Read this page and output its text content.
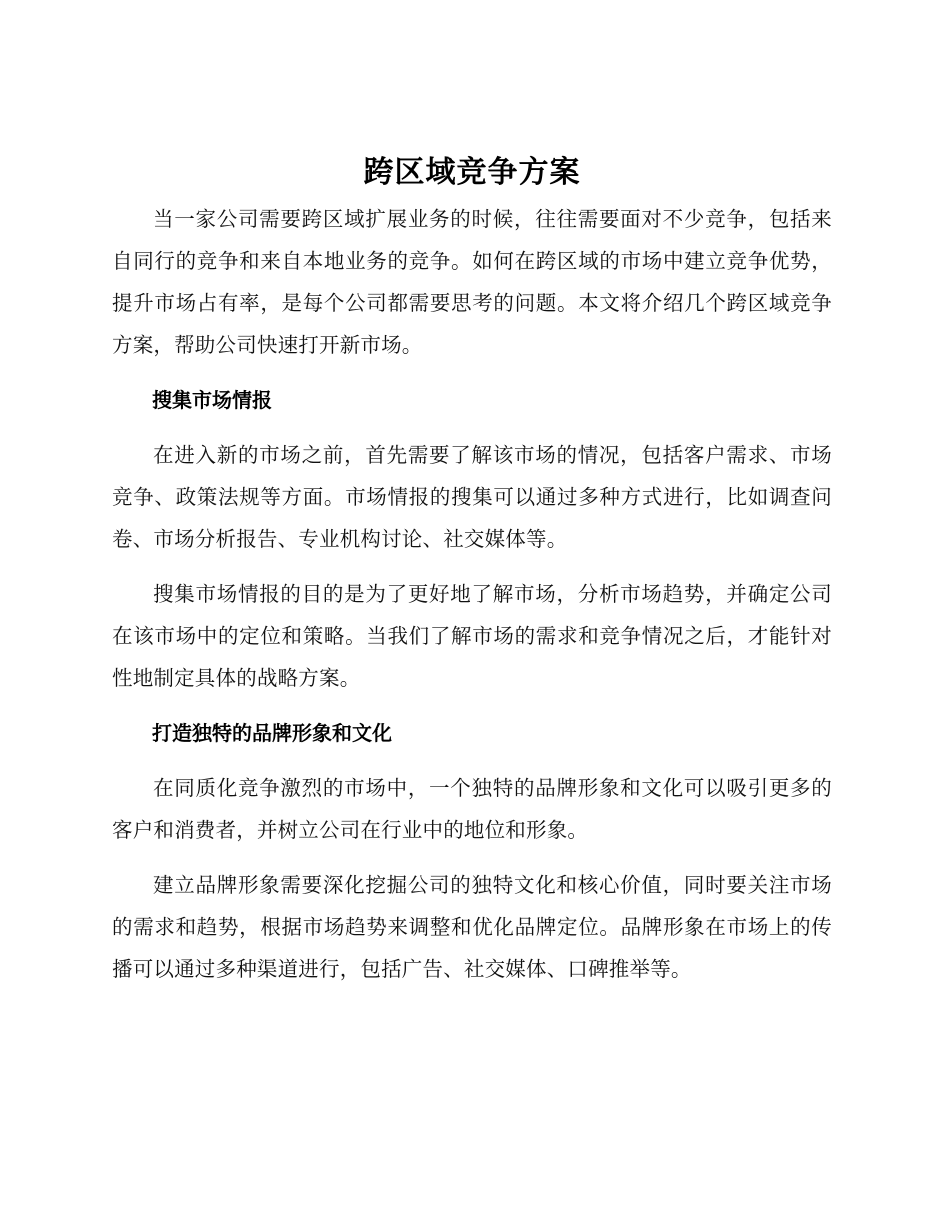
跨区域竞争方案

当一家公司需要跨区域扩展业务的时候，往往需要面对不少竞争，包括来自同行的竞争和来自本地业务的竞争。如何在跨区域的市场中建立竞争优势，提升市场占有率，是每个公司都需要思考的问题。本文将介绍几个跨区域竞争方案，帮助公司快速打开新市场。

搜集市场情报

在进入新的市场之前，首先需要了解该市场的情况，包括客户需求、市场竞争、政策法规等方面。市场情报的搜集可以通过多种方式进行，比如调查问卷、市场分析报告、专业机构讨论、社交媒体等。

搜集市场情报的目的是为了更好地了解市场，分析市场趋势，并确定公司在该市场中的定位和策略。当我们了解市场的需求和竞争情况之后，才能针对性地制定具体的战略方案。

打造独特的品牌形象和文化

在同质化竞争激烈的市场中，一个独特的品牌形象和文化可以吸引更多的客户和消费者，并树立公司在行业中的地位和形象。

建立品牌形象需要深化挖掘公司的独特文化和核心价值，同时要关注市场的需求和趋势，根据市场趋势来调整和优化品牌定位。品牌形象在市场上的传播可以通过多种渠道进行，包括广告、社交媒体、口碑推举等。
